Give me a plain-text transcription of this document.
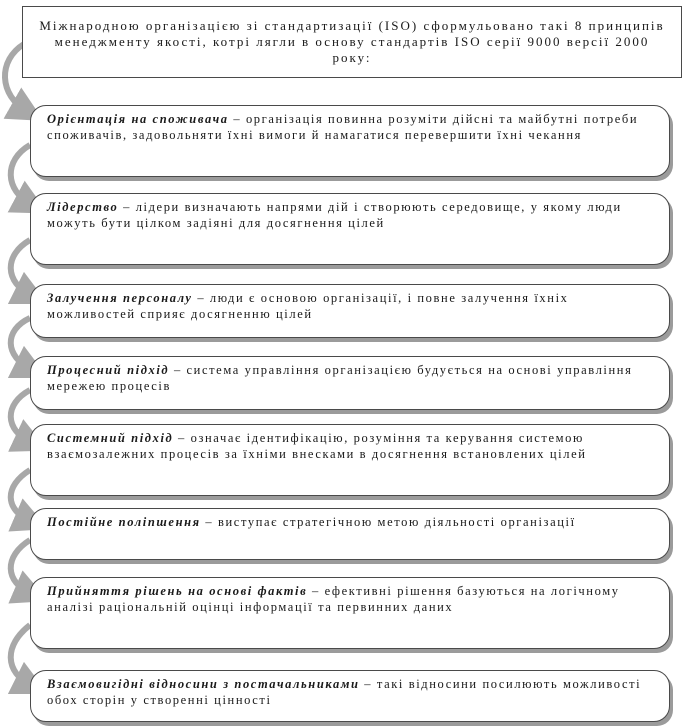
Міжнародною організацією зі стандартизації (ISO) сформульовано такі 8 принципів менеджменту якості, котрі лягли в основу стандартів ISO серії 9000 версії 2000 року:
Орієнтація на споживача – організація повинна розуміти дійсні та майбутні потреби споживачів, задовольняти їхні вимоги й намагатися перевершити їхні чекання
Лідерство – лідери визначають напрями дій і створюють середовище, у якому люди можуть бути цілком задіяні для досягнення цілей
Залучення персоналу – люди є основою організації, і повне залучення їхніх можливостей сприяє досягненню цілей
Процесний підхід – система управління організацією будується на основі управління мережею процесів
Системний підхід – означає ідентифікацію, розуміння та керування системою взаємозалежних процесів за їхніми внесками в досягнення встановлених цілей
Постійне поліпшення – виступає стратегічною метою діяльності організації
Прийняття рішень на основі фактів – ефективні рішення базуються на логічному аналізі раціональній оцінці інформації та первинних даних
Взаємовигідні відносини з постачальниками – такі відносини посилюють можливості обох сторін у створенні цінності
